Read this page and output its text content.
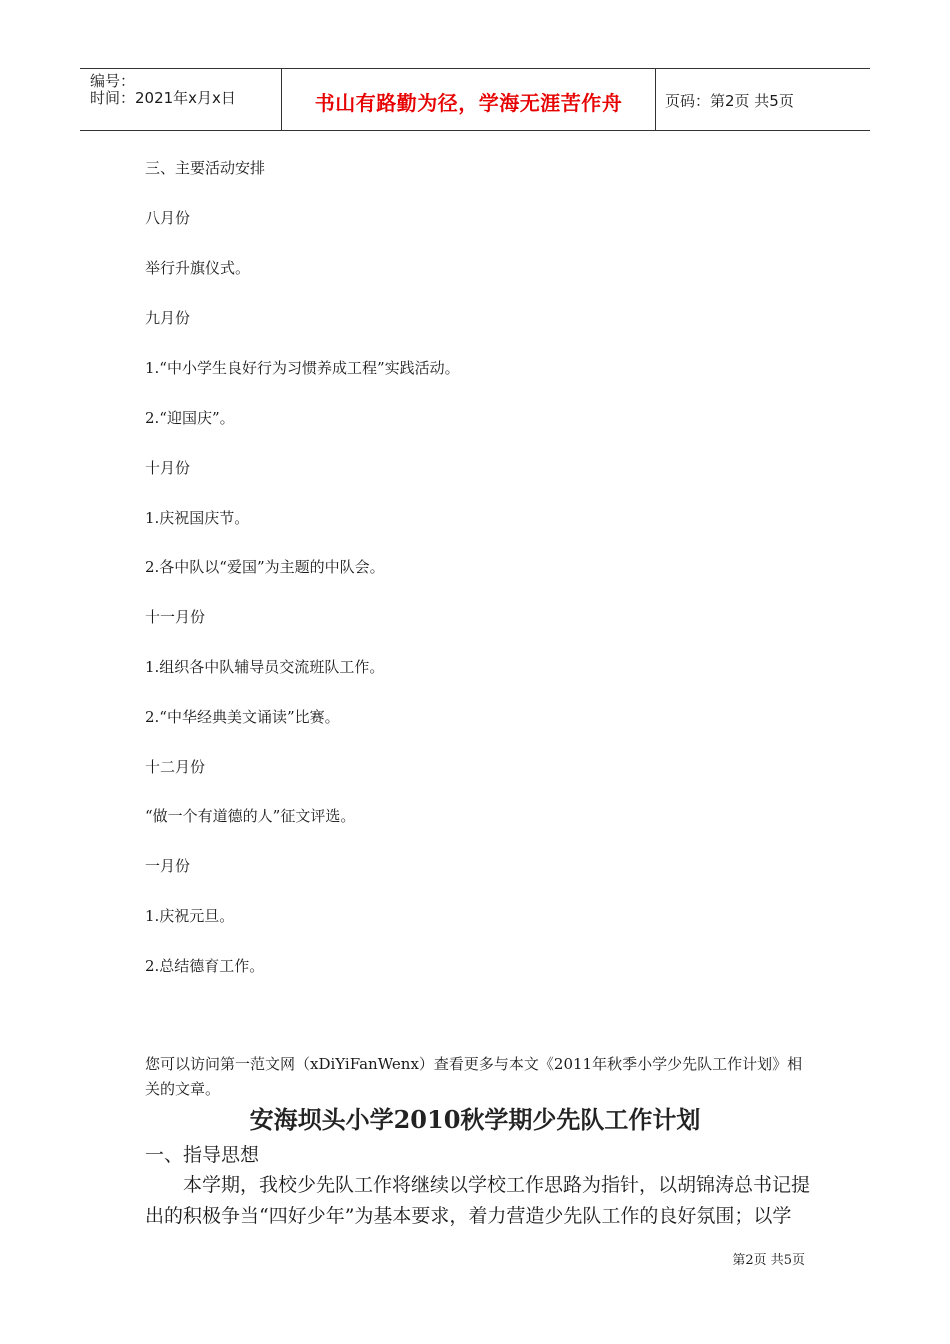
编号：
时间：2021年x月x日	书山有路勤为径，学海无涯苦作舟	页码：第2页 共5页
三、主要活动安排
八月份
举行升旗仪式。
九月份
1.“中小学生良好行为习惯养成工程”实践活动。
2.“迎国庆”。
十月份
1.庆祝国庆节。
2.各中队以“爱国”为主题的中队会。
十一月份
1.组织各中队辅导员交流班队工作。
2.“中华经典美文诵读”比赛。
十二月份
“做一个有道德的人”征文评选。
一月份
1.庆祝元旦。
2.总结德育工作。
您可以访问第一范文网（xDiYiFanWenx）查看更多与本文《2011年秋季小学少先队工作计划》相关的文章。
安海坝头小学2010秋学期少先队工作计划
一、指导思想
本学期，我校少先队工作将继续以学校工作思路为指针，以胡锦涛总书记提出的积极争当“四好少年”为基本要求，着力营造少先队工作的良好氛围；以学
第2页 共5页
